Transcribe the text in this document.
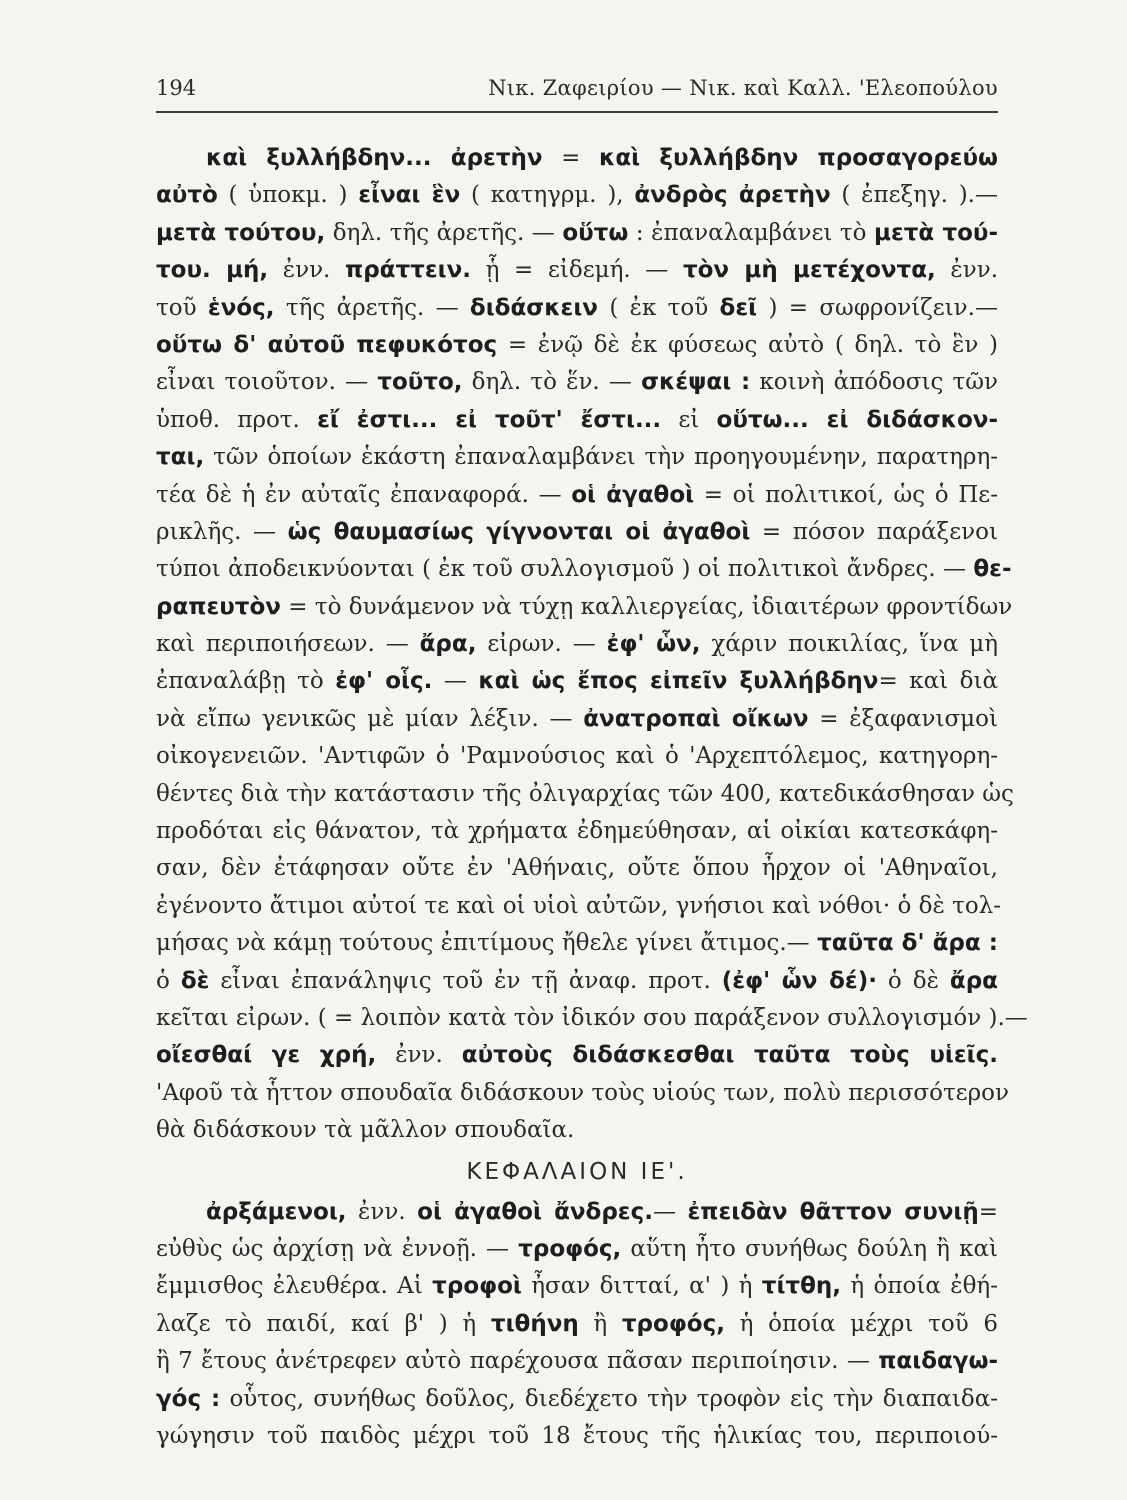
194	Νικ. Ζαφειρίου — Νικ. καὶ Καλλ. 'Ελεοπούλου
καὶ ξυλλήβδην... ἀρετὴν = καὶ ξυλλήβδην προσαγορεύω
αὐτὸ ( ὑποκμ. ) εἶναι ἓν ( κατηγρμ. ), ἀνδρὸς ἀρετὴν ( ἐπεξηγ. ).—
μετὰ τούτου, δηλ. τῆς ἀρετῆς. — οὕτω : ἐπαναλαμβάνει τὸ μετὰ τού-
του. μή, ἐνν. πράττειν. ᾗ = εἰδεμή. — τὸν μὴ μετέχοντα, ἐνν.
τοῦ ἑνός, τῆς ἀρετῆς. — διδάσκειν ( ἐκ τοῦ δεῖ ) = σωφρονίζειν.—
οὕτω δ' αὐτοῦ πεφυκότος = ἐνῷ δὲ ἐκ φύσεως αὐτὸ ( δηλ. τὸ ἓν )
εἶναι τοιοῦτον. — τοῦτο, δηλ. τὸ ἕν. — σκέψαι : κοινὴ ἀπόδοσις τῶν
ὑποθ. προτ. εἴ ἐστι... εἰ τοῦτ' ἔστι... εἰ οὕτω... εἰ διδάσκον-
ται, τῶν ὁποίων ἑκάστη ἐπαναλαμβάνει τὴν προηγουμένην, παρατηρη-
τέα δὲ ἡ ἐν αὐταῖς ἐπαναφορά. — οἱ ἀγαθοὶ = οἱ πολιτικοί, ὡς ὁ Πε-
ρικλῆς. — ὡς θαυμασίως γίγνονται οἱ ἀγαθοὶ = πόσον παράξενοι
τύποι ἀποδεικνύονται ( ἐκ τοῦ συλλογισμοῦ ) οἱ πολιτικοὶ ἄνδρες. — θε-
ραπευτὸν = τὸ δυνάμενον νὰ τύχῃ καλλιεργείας, ἰδιαιτέρων φροντίδων
καὶ περιποιήσεων. — ἄρα, εἰρων. — ἐφ' ὧν, χάριν ποικιλίας, ἵνα μὴ
ἐπαναλάβῃ τὸ ἐφ' οἷς. — καὶ ὡς ἔπος εἰπεῖν ξυλλήβδην= καὶ διὰ
νὰ εἴπω γενικῶς μὲ μίαν λέξιν. — ἀνατροπαὶ οἴκων = ἐξαφανισμοὶ
οἰκογενειῶν. 'Αντιφῶν ὁ 'Ραμνούσιος καὶ ὁ 'Αρχεπτόλεμος, κατηγορη-
θέντες διὰ τὴν κατάστασιν τῆς ὀλιγαρχίας τῶν 400, κατεδικάσθησαν ὡς
προδόται εἰς θάνατον, τὰ χρήματα ἐδημεύθησαν, αἱ οἰκίαι κατεσκάφη-
σαν, δὲν ἐτάφησαν οὔτε ἐν 'Αθήναις, οὔτε ὅπου ἦρχον οἱ 'Αθηναῖοι,
ἐγένοντο ἄτιμοι αὐτοί τε καὶ οἱ υἱοὶ αὐτῶν, γνήσιοι καὶ νόθοι· ὁ δὲ τολ-
μήσας νὰ κάμῃ τούτους ἐπιτίμους ἤθελε γίνει ἄτιμος.— ταῦτα δ' ἄρα :
ὁ δὲ εἶναι ἐπανάληψις τοῦ ἐν τῇ ἀναφ. προτ. (ἐφ' ὧν δέ)· ὁ δὲ ἄρα
κεῖται εἰρων. ( = λοιπὸν κατὰ τὸν ἰδικόν σου παράξενον συλλογισμόν ).—
οἴεσθαί γε χρή, ἐνν. αὐτοὺς διδάσκεσθαι ταῦτα τοὺς υἱεῖς.
'Αφοῦ τὰ ἧττον σπουδαῖα διδάσκουν τοὺς υἱούς των, πολὺ περισσότερον
θὰ διδάσκουν τὰ μᾶλλον σπουδαῖα.
ΚΕΦΑΛΑΙΟΝ ΙΕ'.
ἀρξάμενοι, ἐνν. οἱ ἀγαθοὶ ἄνδρες.— ἐπειδὰν θᾶττον συνιῇ=
εὐθὺς ὡς ἀρχίσῃ νὰ ἐννοῇ. — τροφός, αὕτη ἦτο συνήθως δούλη ἢ καὶ
ἔμμισθος ἐλευθέρα. Αἱ τροφοὶ ἦσαν διτταί, α' ) ἡ τίτθη, ἡ ὁποία ἐθή-
λαζε τὸ παιδί, καί β' ) ἡ τιθήνη ἢ τροφός, ἡ ὁποία μέχρι τοῦ 6
ἢ 7 ἔτους ἀνέτρεφεν αὐτὸ παρέχουσα πᾶσαν περιποίησιν. — παιδαγω-
γός : οὗτος, συνήθως δοῦλος, διεδέχετο τὴν τροφὸν εἰς τὴν διαπαιδα-
γώγησιν τοῦ παιδὸς μέχρι τοῦ 18 ἔτους τῆς ἡλικίας του, περιποιού-
